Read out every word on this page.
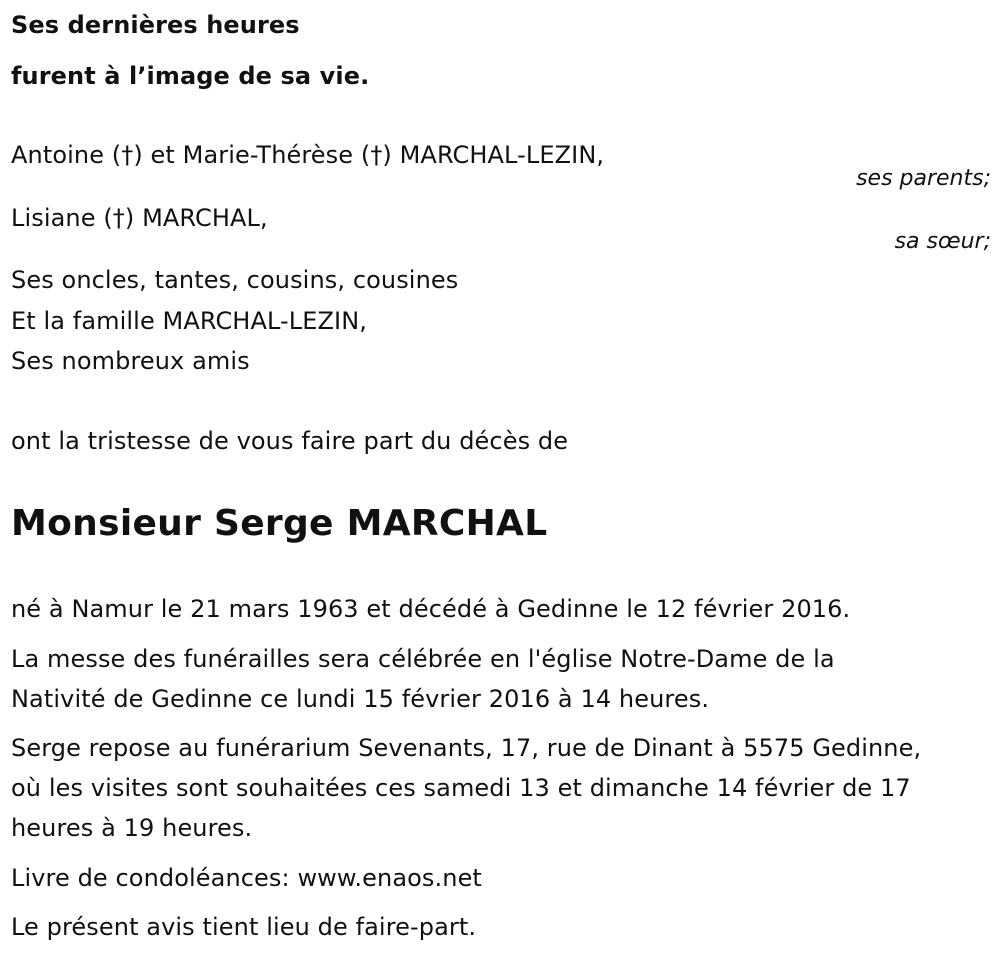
Ses dernières heures
furent à l’image de sa vie.
Antoine (†) et Marie-Thérèse (†) MARCHAL-LEZIN,
ses parents;
Lisiane (†) MARCHAL,
sa sœur;
Ses oncles, tantes, cousins, cousines
Et la famille MARCHAL-LEZIN,
Ses nombreux amis
ont la tristesse de vous faire part du décès de
Monsieur Serge MARCHAL
né à Namur le 21 mars 1963 et décédé à Gedinne le 12 février 2016.
La messe des funérailles sera célébrée en l'église Notre-Dame de la
Nativité de Gedinne ce lundi 15 février 2016 à 14 heures.
Serge repose au funérarium Sevenants, 17, rue de Dinant à 5575 Gedinne,
où les visites sont souhaitées ces samedi 13 et dimanche 14 février de 17
heures à 19 heures.
Livre de condoléances: www.enaos.net
Le présent avis tient lieu de faire-part.
